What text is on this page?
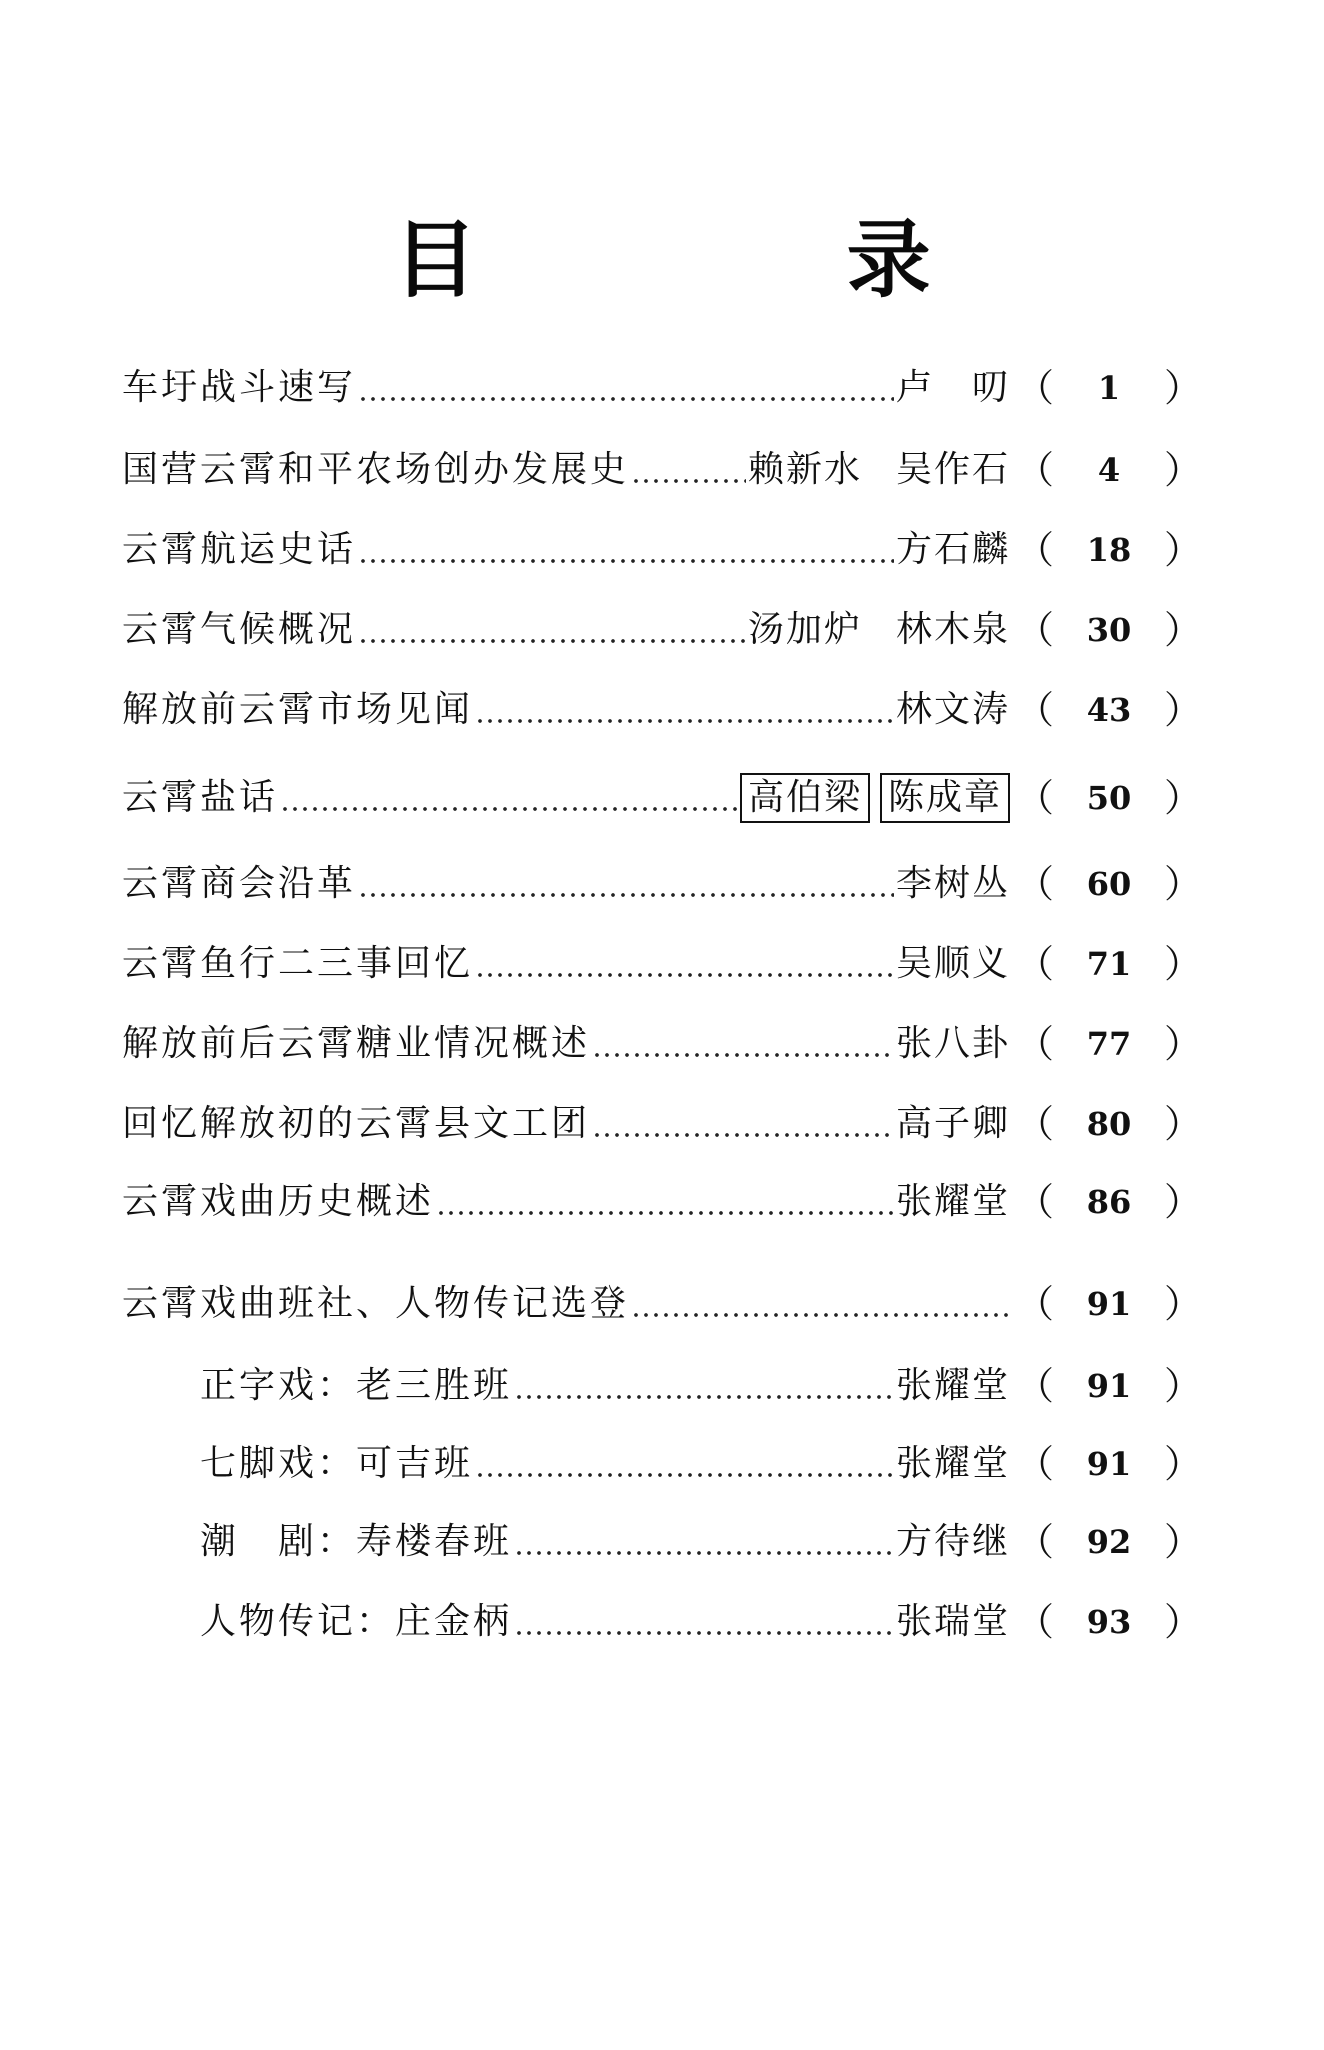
目 录
车圩战斗速写	卢　叨 （	1	）
国营云霄和平农场创办发展史	赖新水 吴作石 （	4	）
云霄航运史话	方石麟 （	18 ）
云霄气候概况	汤加炉 林木泉 （	30 ）
解放前云霄市场见闻	林文涛 （	43 ）
云霄盐话	高伯梁 陈成章 （	50 ）
云霄商会沿革	李树丛 （	60 ）
云霄鱼行二三事回忆	吴顺义 （	71 ）
解放前后云霄糖业情况概述	张八卦 （	77 ）
回忆解放初的云霄县文工团	高子卿 （	80 ）
云霄戏曲历史概述	张耀堂 （	86 ）
云霄戏曲班社、人物传记选登	（	91 ）
正字戏：老三胜班	张耀堂 （	91 ）
七脚戏：可吉班	张耀堂 （	91 ）
潮　剧：寿楼春班	方待继 （	92 ）
人物传记：庄金柄	张瑞堂 （	93 ）
